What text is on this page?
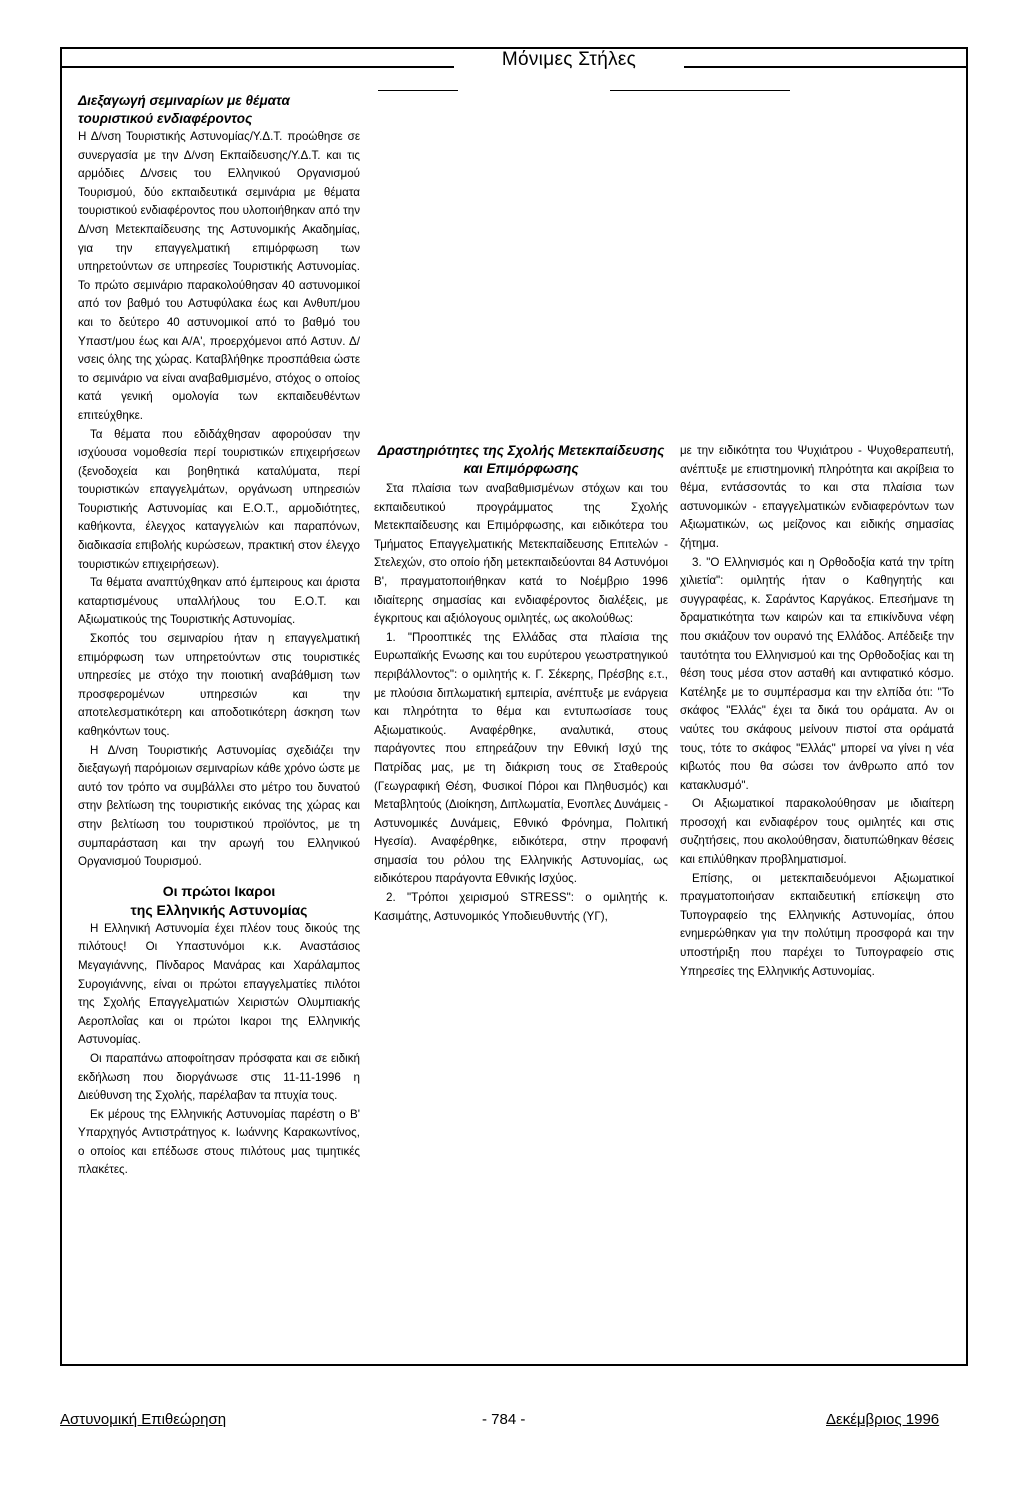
Μόνιμες Στήλες
Διεξαγωγή σεμιναρίων με θέματα τουριστικού ενδιαφέροντος

Η Δ/νση Τουριστικής Αστυνομίας/Υ.Δ.Τ. προώθησε σε συνεργασία με την Δ/νση Εκπαίδευσης/Υ.Δ.Τ. και τις αρμόδιες Δ/νσεις του Ελληνικού Οργανισμού Τουρισμού, δύο εκπαιδευτικά σεμινάρια με θέματα τουριστικού ενδιαφέροντος που υλοποιήθηκαν από την Δ/νση Μετεκπαίδευσης της Αστυνομικής Ακαδημίας, για την επαγγελματική επιμόρφωση των υπηρετούντων σε υπηρεσίες Τουριστικής Αστυνομίας. Το πρώτο σεμινάριο παρακολούθησαν 40 αστυνομικοί από τον βαθμό του Αστυφύλακα έως και Ανθυπ/μου και το δεύτερο 40 αστυνομικοί από το βαθμό του Υπαστ/μου έως και Α/Α', προερχόμενοι από Αστυν. Δ/νσεις όλης της χώρας. Καταβλήθηκε προσπάθεια ώστε το σεμινάριο να είναι αναβαθμισμένο, στόχος ο οποίος κατά γενική ομολογία των εκπαιδευθέντων επιτεύχθηκε.

Τα θέματα που εδιδάχθησαν αφορούσαν την ισχύουσα νομοθεσία περί τουριστικών επιχειρήσεων (ξενοδοχεία και βοηθητικά καταλύματα, περί τουριστικών επαγγελμάτων, οργάνωση υπηρεσιών Τουριστικής Αστυνομίας και Ε.Ο.Τ., αρμοδιότητες, καθήκοντα, έλεγχος καταγγελιών και παραπόνων, διαδικασία επιβολής κυρώσεων, πρακτική στον έλεγχο τουριστικών επιχειρήσεων).

Τα θέματα αναπτύχθηκαν από έμπειρους και άριστα καταρτισμένους υπαλλήλους του Ε.Ο.Τ. και Αξιωματικούς της Τουριστικής Αστυνομίας.

Σκοπός του σεμιναρίου ήταν η επαγγελματική επιμόρφωση των υπηρετούντων στις τουριστικές υπηρεσίες με στόχο την ποιοτική αναβάθμιση των προσφερομένων υπηρεσιών και την αποτελεσματικότερη και αποδοτικότερη άσκηση των καθηκόντων τους.

Η Δ/νση Τουριστικής Αστυνομίας σχεδιάζει την διεξαγωγή παρόμοιων σεμιναρίων κάθε χρόνο ώστε με αυτό τον τρόπο να συμβάλλει στο μέτρο του δυνατού στην βελτίωση της τουριστικής εικόνας της χώρας και στην βελτίωση του τουριστικού προϊόντος, με τη συμπαράσταση και την αρωγή του Ελληνικού Οργανισμού Τουρισμού.

Οι πρώτοι Ικαροι
της Ελληνικής Αστυνομίας

Η Ελληνική Αστυνομία έχει πλέον τους δικούς της πιλότους! Οι Υπαστυνόμοι κ.κ. Αναστάσιος Μεγαγιάννης, Πίνδαρος Μανάρας και Χαράλαμπος Συρογιάννης, είναι οι πρώτοι επαγγελματίες πιλότοι της Σχολής Επαγγελματιών Χειριστών Ολυμπιακής Αεροπλοΐας και οι πρώτοι Ικαροι της Ελληνικής Αστυνομίας.

Οι παραπάνω αποφοίτησαν πρόσφατα και σε ειδική εκδήλωση που διοργάνωσε στις 11-11-1996 η Διεύθυνση της Σχολής, παρέλαβαν τα πτυχία τους.

Εκ μέρους της Ελληνικής Αστυνομίας παρέστη ο Β' Υπαρχηγός Αντιστράτηγος κ. Ιωάννης Καρακωντίνος, ο οποίος και επέδωσε στους πιλότους μας τιμητικές πλακέτες.

Δραστηριότητες της Σχολής Μετεκπαίδευσης και Επιμόρφωσης

Στα πλαίσια των αναβαθμισμένων στόχων και του εκπαιδευτικού προγράμματος της Σχολής Μετεκπαίδευσης και Επιμόρφωσης, και ειδικότερα του Τμήματος Επαγγελματικής Μετεκπαίδευσης Επιτελών - Στελεχών, στο οποίο ήδη μετεκπαιδεύονται 84 Αστυνόμοι Β', πραγματοποιήθηκαν κατά το Νοέμβριο 1996 ιδιαίτερης σημασίας και ενδιαφέροντος διαλέξεις, με έγκριτους και αξιόλογους ομιλητές, ως ακολούθως:

1. "Προοπτικές της Ελλάδας στα πλαίσια της Ευρωπαϊκής Ενωσης και του ευρύτερου γεωστρατηγικού περιβάλλοντος": ο ομιλητής κ. Γ. Σέκερης, Πρέσβης ε.τ., με πλούσια διπλωματική εμπειρία, ανέπτυξε με ενάργεια και πληρότητα το θέμα και εντυπωσίασε τους Αξιωματικούς. Αναφέρθηκε, αναλυτικά, στους παράγοντες που επηρεάζουν την Εθνική Ισχύ της Πατρίδας μας, με τη διάκριση τους σε Σταθερούς (Γεωγραφική Θέση, Φυσικοί Πόροι και Πληθυσμός) και Μεταβλητούς (Διοίκηση, Διπλωματία, Ενοπλες Δυνάμεις - Αστυνομικές Δυνάμεις, Εθνικό Φρόνημα, Πολιτική Ηγεσία). Αναφέρθηκε, ειδικότερα, στην προφανή σημασία του ρόλου της Ελληνικής Αστυνομίας, ως ειδικότερου παράγοντα Εθνικής Ισχύος.

2. "Τρόποι χειρισμού STRESS": ο ομιλητής κ. Κασιμάτης, Αστυνομικός Υποδιευθυντής (ΥΓ),

με την ειδικότητα του Ψυχιάτρου - Ψυχοθεραπευτή, ανέπτυξε με επιστημονική πληρότητα και ακρίβεια το θέμα, εντάσσοντάς το και στα πλαίσια των αστυνομικών - επαγγελματικών ενδιαφερόντων των Αξιωματικών, ως μείζονος και ειδικής σημασίας ζήτημα.

3. "Ο Ελληνισμός και η Ορθοδοξία κατά την τρίτη χιλιετία": ομιλητής ήταν ο Καθηγητής και συγγραφέας, κ. Σαράντος Καργάκος. Επεσήμανε τη δραματικότητα των καιρών και τα επικίνδυνα νέφη που σκιάζουν τον ουρανό της Ελλάδος. Απέδειξε την ταυτότητα του Ελληνισμού και της Ορθοδοξίας και τη θέση τους μέσα στον ασταθή και αντιφατικό κόσμο. Κατέληξε με το συμπέρασμα και την ελπίδα ότι: "Το σκάφος "Ελλάς" έχει τα δικά του οράματα. Αν οι ναύτες του σκάφους μείνουν πιστοί στα οράματά τους, τότε το σκάφος "Ελλάς" μπορεί να γίνει η νέα κιβωτός που θα σώσει τον άνθρωπο από τον κατακλυσμό".

Οι Αξιωματικοί παρακολούθησαν με ιδιαίτερη προσοχή και ενδιαφέρον τους ομιλητές και στις συζητήσεις, που ακολούθησαν, διατυπώθηκαν θέσεις και επιλύθηκαν προβληματισμοί.

Επίσης, οι μετεκπαιδευόμενοι Αξιωματικοί πραγματοποιήσαν εκπαιδευτική επίσκεψη στο Τυπογραφείο της Ελληνικής Αστυνομίας, όπου ενημερώθηκαν για την πολύτιμη προσφορά και την υποστήριξη που παρέχει το Τυπογραφείο στις Υπηρεσίες της Ελληνικής Αστυνομίας.

Αστυνομική Επιθεώρηση	- 784 -	Δεκέμβριος 1996
